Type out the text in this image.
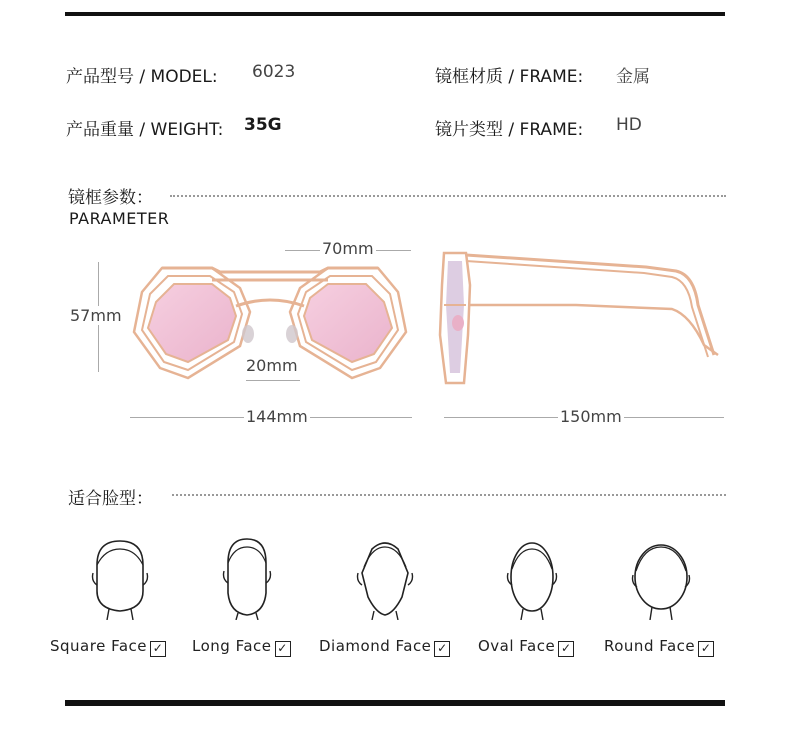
产品型号 / MODEL: 6023
产品重量 / WEIGHT: 35G
镜框材质 / FRAME: 金属
镜片类型 / FRAME: HD
镜框参数：
PARAMETER
70mm
57mm
20mm
144mm	150mm
适合脸型：
Square Face ✓ Long Face ✓ Diamond Face ✓ Oval Face ✓ Round Face ✓
